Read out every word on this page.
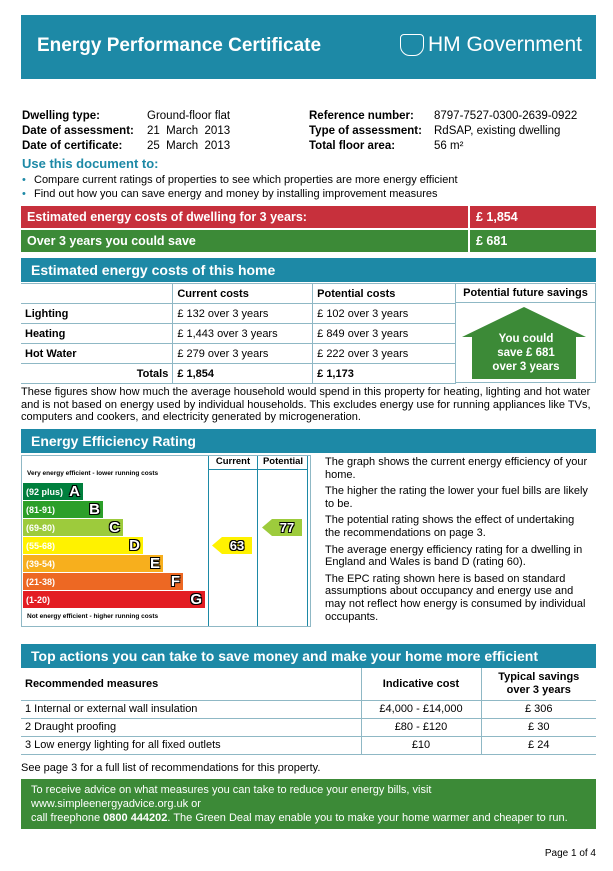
Energy Performance Certificate	HM Government
Dwelling type:	Ground-floor flat
Date of assessment: 21  March  2013
Date of certificate: 25  March  2013
Reference number: 8797-7527-0300-2639-0922
Type of assessment: RdSAP, existing dwelling
Total floor area:	56 m²
Use this document to:
• Compare current ratings of properties to see which properties are more energy efficient
• Find out how you can save energy and money by installing improvement measures
Estimated energy costs of dwelling for 3 years:	£ 1,854
Over 3 years you could save	£ 681
Estimated energy costs of this home
	Current costs	Potential costs
Lighting	£ 132 over 3 years	£ 102 over 3 years
Heating	£ 1,443 over 3 years	£ 849 over 3 years
Hot Water	£ 279 over 3 years	£ 222 over 3 years
Totals	£ 1,854	£ 1,173
Potential future savings
You could
save £ 681
over 3 years
These figures show how much the average household would spend in this property for heating, lighting and hot water and is not based on energy used by individual households. This excludes energy use for running appliances like TVs, computers and cookers, and electricity generated by microgeneration.
Energy Efficiency Rating
Current	Potential
Very energy efficient - lower running costs
(92 plus) A
(81-91) B
(69-80)	C
(55-68)	D
(39-54)	E
(21-38)	F
(1-20)	G
Not energy efficient - higher running costs
63
77
The graph shows the current energy efficiency of your home.
The higher the rating the lower your fuel bills are likely to be.
The potential rating shows the effect of undertaking the recommendations on page 3.
The average energy efficiency rating for a dwelling in England and Wales is band D (rating 60).
The EPC rating shown here is based on standard assumptions about occupancy and energy use and may not reflect how energy is consumed by individual occupants.
Top actions you can take to save money and make your home more efficient
Recommended measures	Indicative cost	Typical savings
over 3 years

1 Internal or external wall insulation	£4,000 - £14,000	£ 306
2 Draught proofing	£80 - £120	£ 30
3 Low energy lighting for all fixed outlets	£10	£ 24
See page 3 for a full list of recommendations for this property.
To receive advice on what measures you can take to reduce your energy bills, visit www.simpleenergyadvice.org.uk or
call freephone 0800 444202. The Green Deal may enable you to make your home warmer and cheaper to run.
Page 1 of 4
